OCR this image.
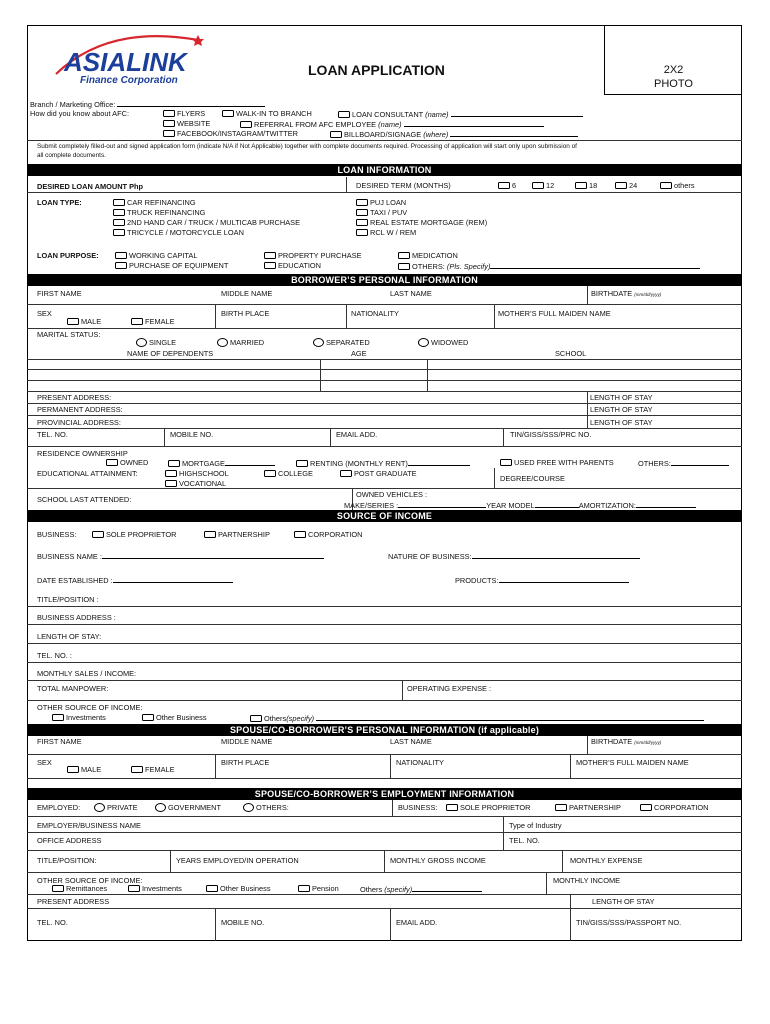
ASIALINK
Finance Corporation
LOAN APPLICATION	2X2
PHOTO
Branch / Marketing Office:
How did you know about AFC:	FLYERS	WALK-IN TO BRANCH	LOAN CONSULTANT (name)
WEBSITE	REFERRAL FROM AFC EMPLOYEE (name)
FACEBOOK/INSTAGRAM/TWITTER	BILLBOARD/SIGNAGE (where)
Submit completely filled-out and signed application form (indicate N/A if Not Applicable) together with complete documents required. Processing of application will start only upon submission of
all complete documents.
LOAN INFORMATION
DESIRED LOAN AMOUNT Php	DESIRED TERM (MONTHS)	6	12	18	24	others
LOAN TYPE:	CAR REFINANCING
TRUCK REFINANCING
2ND HAND CAR / TRUCK / MULTICAB PURCHASE
TRICYCLE / MOTORCYCLE LOAN
PUJ LOAN
TAXI / PUV
REAL ESTATE MORTGAGE (REM)
RCL W / REM
LOAN PURPOSE:	WORKING CAPITAL
PURCHASE OF EQUIPMENT
PROPERTY PURCHASE
EDUCATION
MEDICATION
OTHERS: (Pls. Specify)
BORROWER’S PERSONAL INFORMATION
FIRST NAME	MIDDLE NAME	LAST NAME	BIRTHDATE (mm/dd/yyyy)
SEX
MALE	FEMALE
BIRTH PLACE	NATIONALITY	MOTHER’S FULL MAIDEN NAME
MARITAL STATUS:
SINGLE	MARRIED	SEPARATED	WIDOWED
NAME OF DEPENDENTS	AGE	SCHOOL
PRESENT ADDRESS:	LENGTH OF STAY
PERMANENT ADDRESS:	LENGTH OF STAY
PROVINCIAL ADDRESS:	LENGTH OF STAY
TEL. NO.	MOBILE NO.	EMAIL ADD.	TIN/GISS/SSS/PRC NO.
RESIDENCE OWNERSHIP
OWNED	MORTGAGE	RENTING (MONTHLY RENT)	USED FREE WITH PARENTS	OTHERS:
EDUCATIONAL ATTAINMENT:	HIGHSCHOOL	COLLEGE	POST GRADUATE
VOCATIONAL
DEGREE/COURSE
SCHOOL LAST ATTENDED:
OWNED VEHICLES :
MAKE/SERIES :	YEAR MODEL	AMORTIZATION:
SOURCE OF INCOME
BUSINESS:	SOLE PROPRIETOR	PARTNERSHIP	CORPORATION
BUSINESS NAME :	NATURE OF BUSINESS:
DATE ESTABLISHED :	PRODUCTS:
TITLE/POSITION :
BUSINESS ADDRESS :
LENGTH OF STAY:
TEL. NO. :
MONTHLY SALES / INCOME:
TOTAL MANPOWER:	OPERATING EXPENSE :
OTHER SOURCE OF INCOME:
Investments	Other Business	Others(specify)
SPOUSE/CO-BORROWER’S PERSONAL INFORMATION (if applicable)
FIRST NAME	MIDDLE NAME	LAST NAME	BIRTHDATE (mm/dd/yyyy)
SEX
MALE	FEMALE
BIRTH PLACE	NATIONALITY	MOTHER’S FULL MAIDEN NAME
SPOUSE/CO-BORROWER’S EMPLOYMENT INFORMATION
EMPLOYED:	PRIVATE	GOVERNMENT	OTHERS:	BUSINESS:	SOLE PROPRIETOR	PARTNERSHIP	CORPORATION
EMPLOYER/BUSINESS NAME	Type of Industry
OFFICE ADDRESS	TEL. NO.
TITLE/POSITION:	YEARS EMPLOYED/IN OPERATION	MONTHLY GROSS INCOME	MONTHLY EXPENSE
OTHER SOURCE OF INCOME:	MONTHLY INCOME
Remittances	Investments	Other Business	Pension	Others (specify)
PRESENT ADDRESS	LENGTH OF STAY
TEL. NO.	MOBILE NO.	EMAIL ADD.	TIN/GISS/SSS/PASSPORT NO.
